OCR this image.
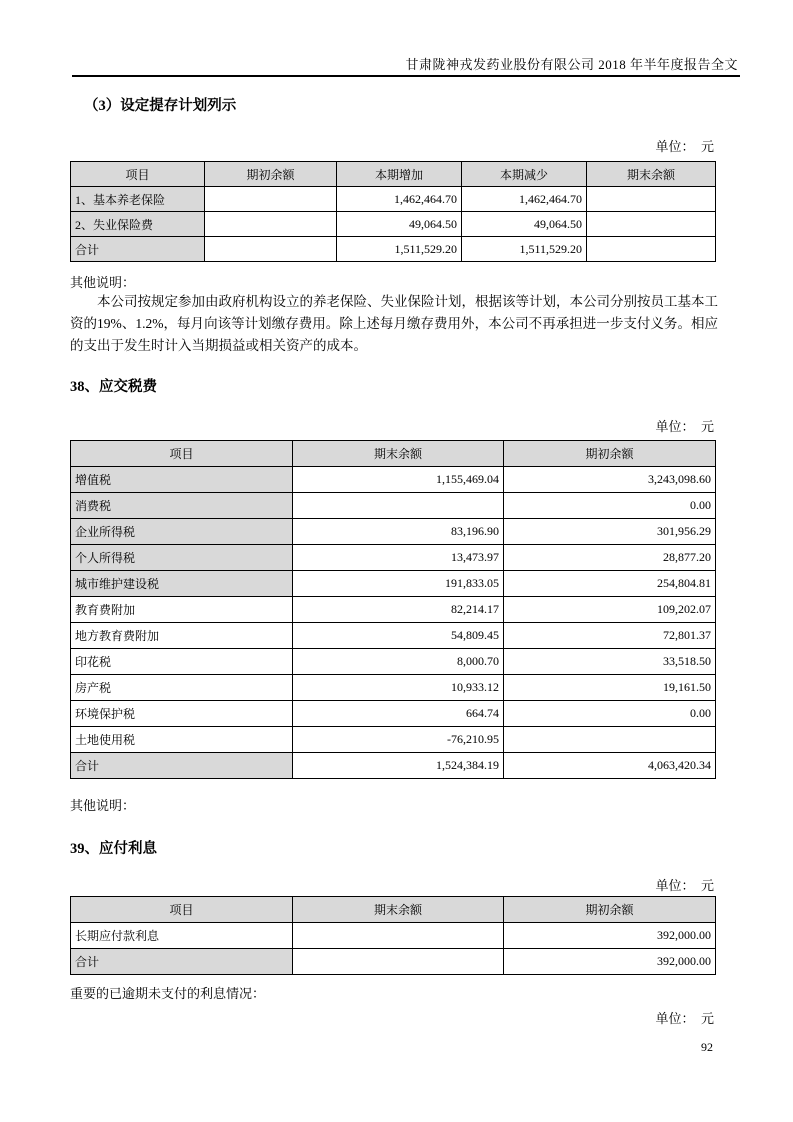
甘肃陇神戎发药业股份有限公司 2018 年半年度报告全文
（3）设定提存计划列示
单位：　元
项目	期初余额	本期增加	本期减少	期末余额
1、基本养老保险		1,462,464.70	1,462,464.70	
2、失业保险费		49,064.50	49,064.50	
合计		1,511,529.20	1,511,529.20	
其他说明：

本公司按规定参加由政府机构设立的养老保险、失业保险计划，根据该等计划，本公司分别按员工基本工资的19%、1.2%，每月向该等计划缴存费用。除上述每月缴存费用外，本公司不再承担进一步支付义务。相应的支出于发生时计入当期损益或相关资产的成本。

38、应交税费
单位：　元
项目	期末余额	期初余额
增值税	1,155,469.04	3,243,098.60
消费税		0.00
企业所得税	83,196.90	301,956.29
个人所得税	13,473.97	28,877.20
城市维护建设税	191,833.05	254,804.81
教育费附加	82,214.17	109,202.07
地方教育费附加	54,809.45	72,801.37
印花税	8,000.70	33,518.50
房产税	10,933.12	19,161.50
环境保护税	664.74	0.00
土地使用税	-76,210.95	
合计	1,524,384.19	4,063,420.34
其他说明：
39、应付利息
单位：　元
项目	期末余额	期初余额
长期应付款利息		392,000.00
合计		392,000.00
重要的已逾期未支付的利息情况：
单位：　元
92
